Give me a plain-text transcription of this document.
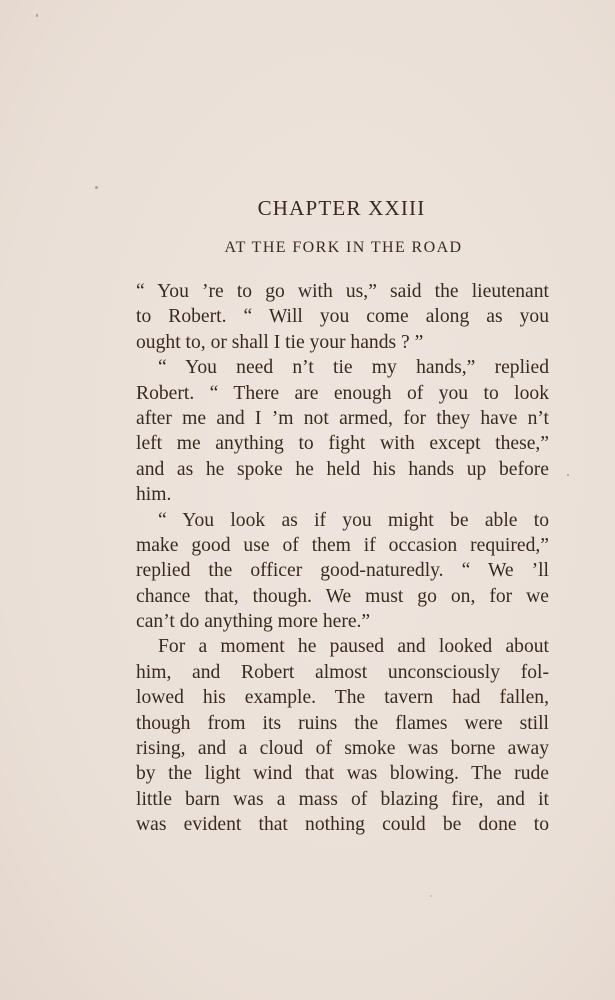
CHAPTER XXIII
AT THE FORK IN THE ROAD
“ You ’re to go with us,” said the lieutenant
to Robert. “ Will you come along as you
ought to, or shall I tie your hands ? ”
“ You need n’t tie my hands,” replied
Robert. “ There are enough of you to look
after me and I ’m not armed, for they have n’t
left me anything to fight with except these,”
and as he spoke he held his hands up before
him.
“ You look as if you might be able to
make good use of them if occasion required,”
replied the officer good-naturedly. “ We ’ll
chance that, though. We must go on, for we
can’t do anything more here.”
For a moment he paused and looked about
him, and Robert almost unconsciously fol-
lowed his example. The tavern had fallen,
though from its ruins the flames were still
rising, and a cloud of smoke was borne away
by the light wind that was blowing. The rude
little barn was a mass of blazing fire, and it
was evident that nothing could be done to
